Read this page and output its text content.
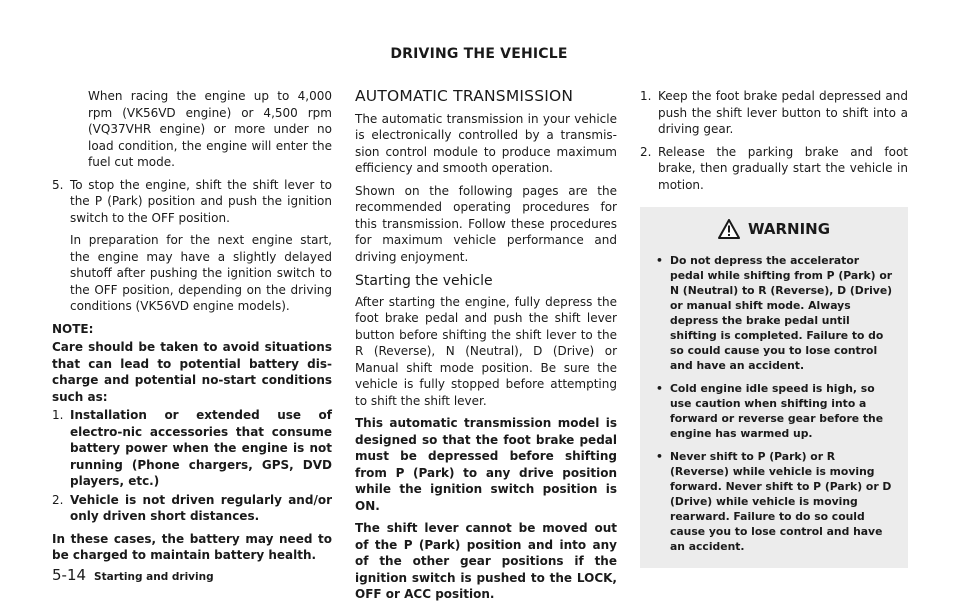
DRIVING THE VEHICLE

When racing the engine up to 4,000 rpm (VK56VD engine) or 4,500 rpm (VQ37VHR engine) or more under no load condition, the engine will enter the fuel cut mode.

5. To stop the engine, shift the shift lever to the P (Park) position and push the ignition switch to the OFF position.

In preparation for the next engine start, the engine may have a slightly delayed shutoff after pushing the ignition switch to the OFF position, depending on the driving conditions (VK56VD engine models).

NOTE:

Care should be taken to avoid situations that can lead to potential battery dis-charge and potential no-start conditions such as:

1. Installation or extended use of electro-nic accessories that consume battery power when the engine is not running (Phone chargers, GPS, DVD players, etc.)
2. Vehicle is not driven regularly and/or only driven short distances.

In these cases, the battery may need to be charged to maintain battery health.

AUTOMATIC TRANSMISSION

The automatic transmission in your vehicle is electronically controlled by a transmis-sion control module to produce maximum efficiency and smooth operation.

Shown on the following pages are the recommended operating procedures for this transmission. Follow these procedures for maximum vehicle performance and driving enjoyment.

Starting the vehicle

After starting the engine, fully depress the foot brake pedal and push the shift lever button before shifting the shift lever to the R (Reverse), N (Neutral), D (Drive) or Manual shift mode position. Be sure the vehicle is fully stopped before attempting to shift the shift lever.

This automatic transmission model is designed so that the foot brake pedal must be depressed before shifting from P (Park) to any drive position while the ignition switch position is ON.

The shift lever cannot be moved out of the P (Park) position and into any of the other gear positions if the ignition switch is pushed to the LOCK, OFF or ACC position.

1. Keep the foot brake pedal depressed and push the shift lever button to shift into a driving gear.
2. Release the parking brake and foot brake, then gradually start the vehicle in motion.
WARNING
• Do not depress the accelerator pedal while shifting from P (Park) or N (Neutral) to R (Reverse), D (Drive) or manual shift mode. Always depress the brake pedal until shifting is completed. Failure to do so could cause you to lose control and have an accident.
• Cold engine idle speed is high, so use caution when shifting into a forward or reverse gear before the engine has warmed up.
• Never shift to P (Park) or R (Reverse) while vehicle is moving forward. Never shift to P (Park) or D (Drive) while vehicle is moving rearward. Failure to do so could cause you to lose control and have an accident.
5-14 Starting and driving
